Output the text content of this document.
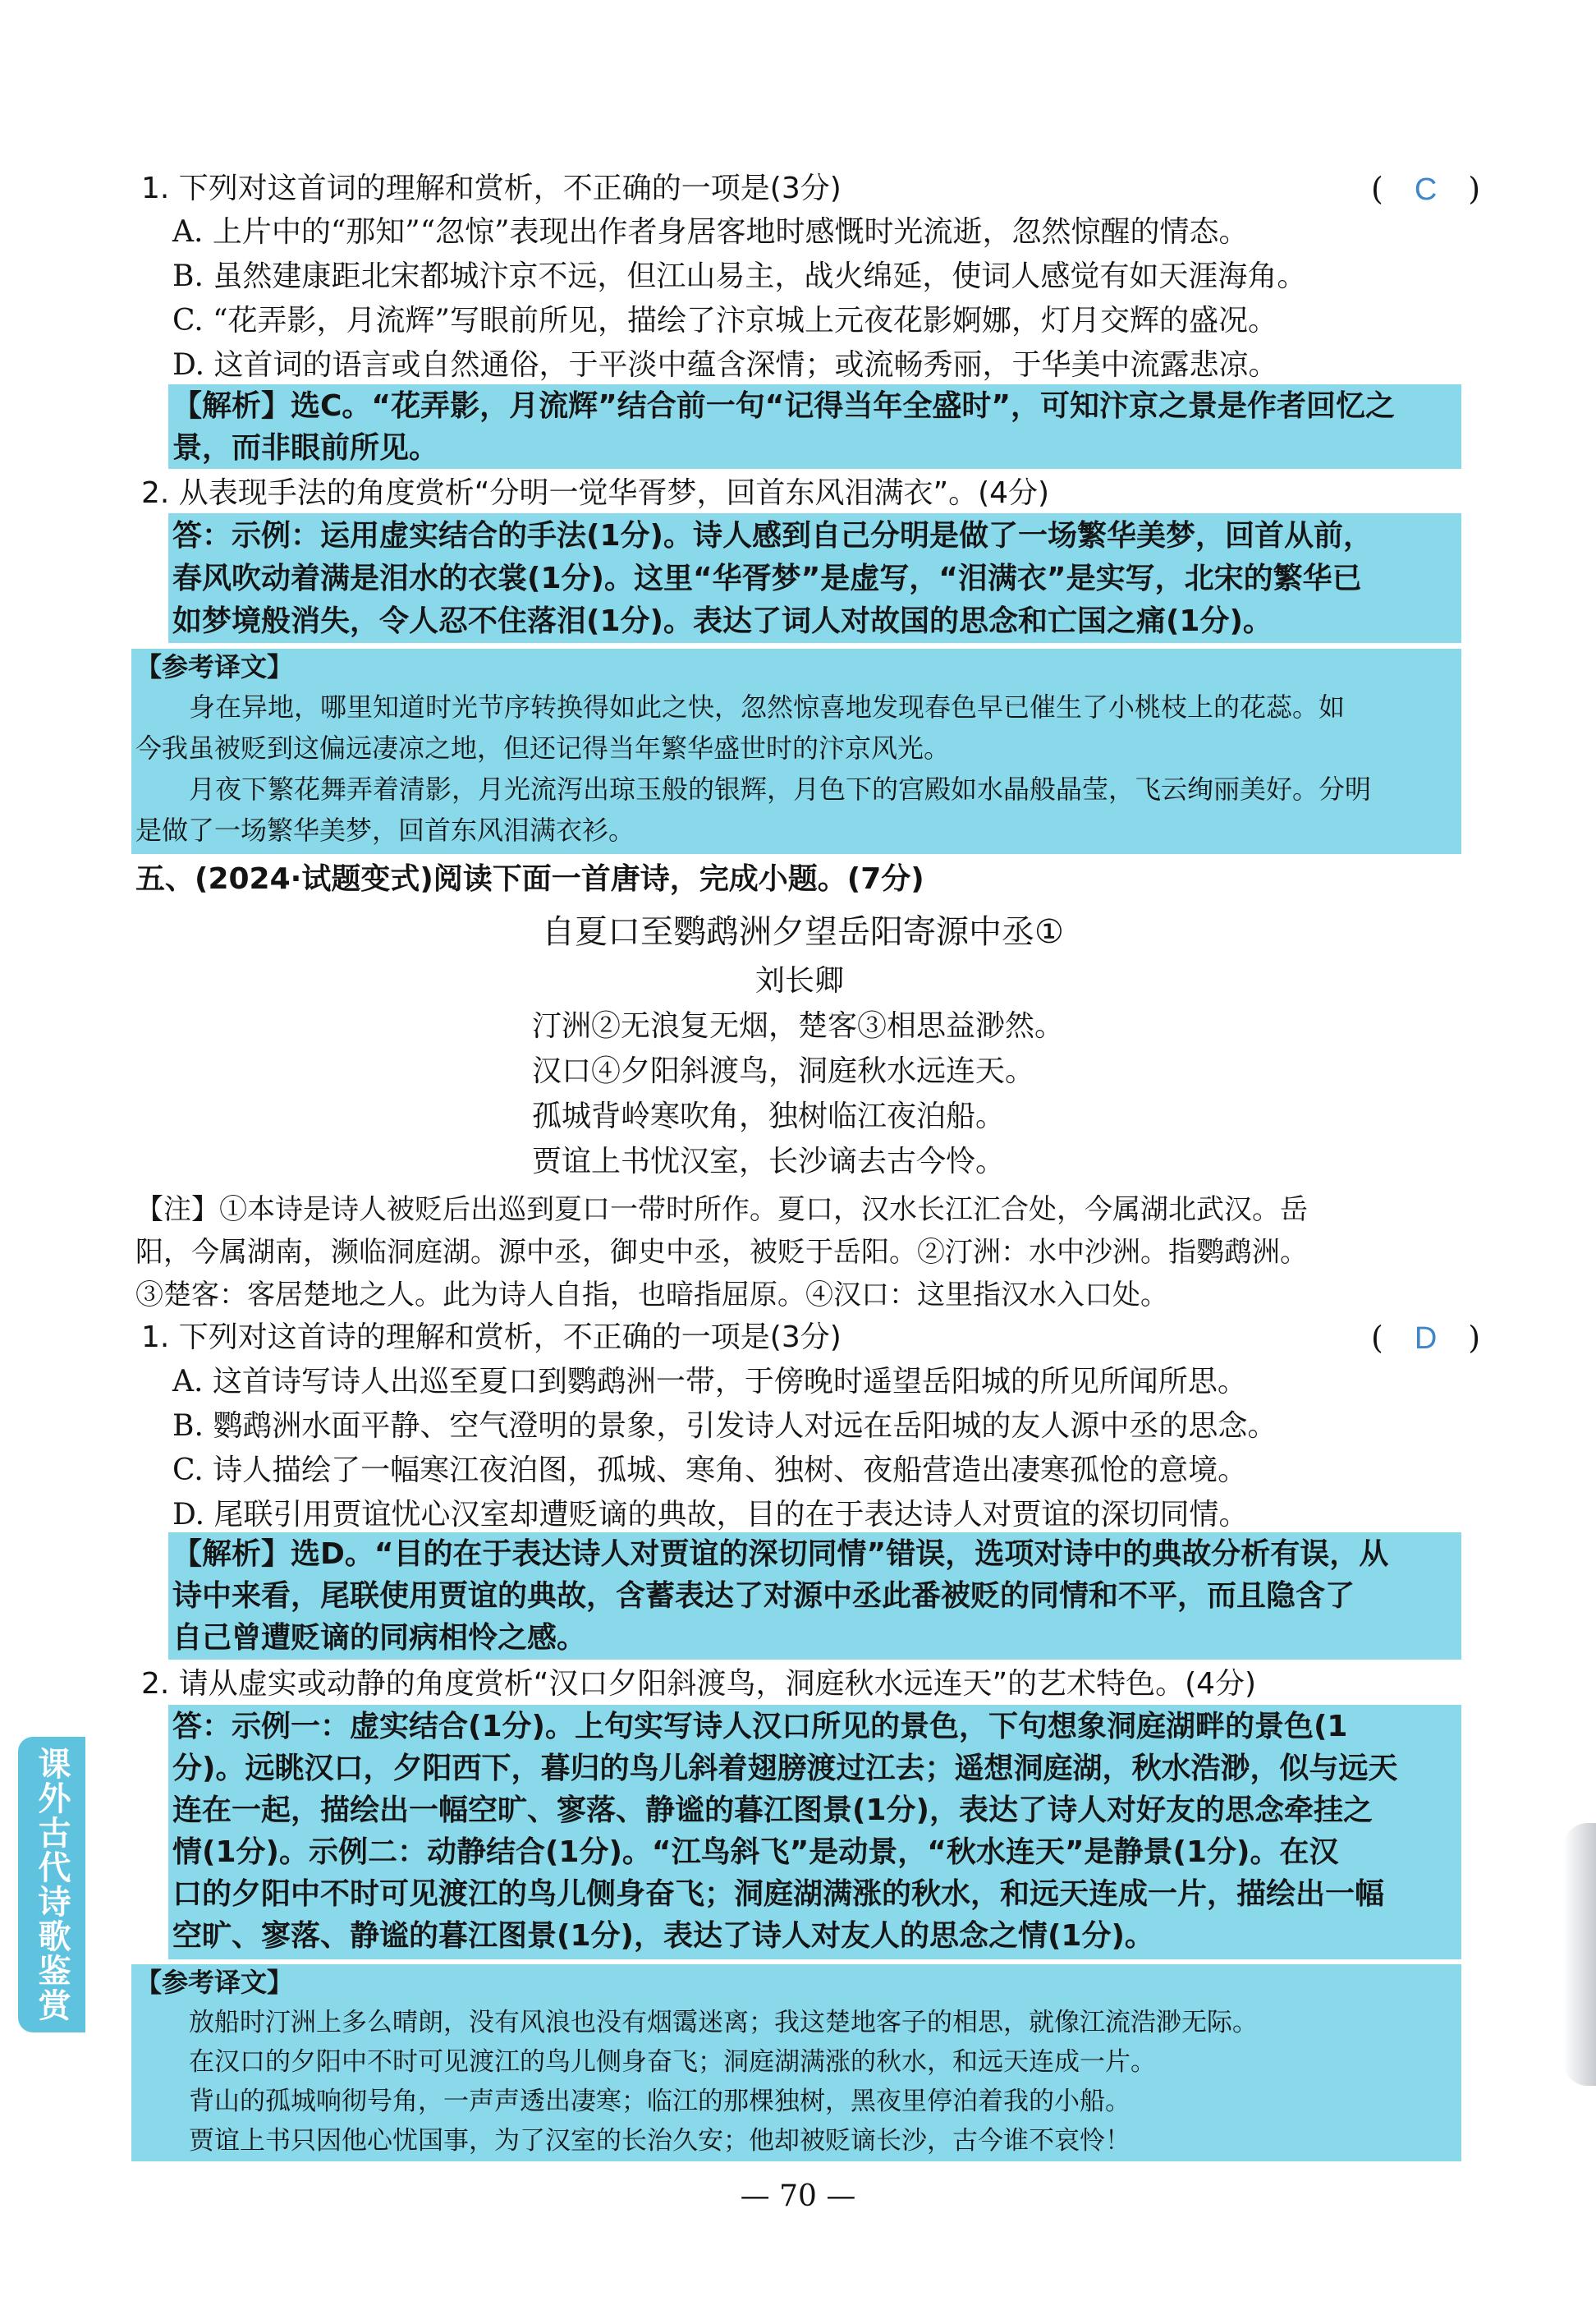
1. 下列对这首词的理解和赏析，不正确的一项是(3分)	(　C　)
A. 上片中的“那知”“忽惊”表现出作者身居客地时感慨时光流逝，忽然惊醒的情态。
B. 虽然建康距北宋都城汴京不远，但江山易主，战火绵延，使词人感觉有如天涯海角。
C. “花弄影，月流辉”写眼前所见，描绘了汴京城上元夜花影婀娜，灯月交辉的盛况。
D. 这首词的语言或自然通俗，于平淡中蕴含深情；或流畅秀丽，于华美中流露悲凉。
【解析】选C。“花弄影，月流辉”结合前一句“记得当年全盛时”，可知汴京之景是作者回忆之
景，而非眼前所见。
2. 从表现手法的角度赏析“分明一觉华胥梦，回首东风泪满衣”。(4分)
答：示例：运用虚实结合的手法(1分)。诗人感到自己分明是做了一场繁华美梦，回首从前，
春风吹动着满是泪水的衣裳(1分)。这里“华胥梦”是虚写，“泪满衣”是实写，北宋的繁华已
如梦境般消失，令人忍不住落泪(1分)。表达了词人对故国的思念和亡国之痛(1分)。
【参考译文】
身在异地，哪里知道时光节序转换得如此之快，忽然惊喜地发现春色早已催生了小桃枝上的花蕊。如
今我虽被贬到这偏远凄凉之地，但还记得当年繁华盛世时的汴京风光。
月夜下繁花舞弄着清影，月光流泻出琼玉般的银辉，月色下的宫殿如水晶般晶莹，飞云绚丽美好。分明
是做了一场繁华美梦，回首东风泪满衣衫。
五、(2024·试题变式)阅读下面一首唐诗，完成小题。(7分)
自夏口至鹦鹉洲夕望岳阳寄源中丞①
刘长卿
汀洲②无浪复无烟，楚客③相思益渺然。
汉口④夕阳斜渡鸟，洞庭秋水远连天。
孤城背岭寒吹角，独树临江夜泊船。
贾谊上书忧汉室，长沙谪去古今怜。
【注】①本诗是诗人被贬后出巡到夏口一带时所作。夏口，汉水长江汇合处，今属湖北武汉。岳
阳，今属湖南，濒临洞庭湖。源中丞，御史中丞，被贬于岳阳。②汀洲：水中沙洲。指鹦鹉洲。
③楚客：客居楚地之人。此为诗人自指，也暗指屈原。④汉口：这里指汉水入口处。
1. 下列对这首诗的理解和赏析，不正确的一项是(3分)	(　D　)
A. 这首诗写诗人出巡至夏口到鹦鹉洲一带，于傍晚时遥望岳阳城的所见所闻所思。
B. 鹦鹉洲水面平静、空气澄明的景象，引发诗人对远在岳阳城的友人源中丞的思念。
C. 诗人描绘了一幅寒江夜泊图，孤城、寒角、独树、夜船营造出凄寒孤怆的意境。
D. 尾联引用贾谊忧心汉室却遭贬谪的典故，目的在于表达诗人对贾谊的深切同情。
【解析】选D。“目的在于表达诗人对贾谊的深切同情”错误，选项对诗中的典故分析有误，从
诗中来看，尾联使用贾谊的典故，含蓄表达了对源中丞此番被贬的同情和不平，而且隐含了
自己曾遭贬谪的同病相怜之感。
2. 请从虚实或动静的角度赏析“汉口夕阳斜渡鸟，洞庭秋水远连天”的艺术特色。(4分)
答：示例一：虚实结合(1分)。上句实写诗人汉口所见的景色，下句想象洞庭湖畔的景色(1
分)。远眺汉口，夕阳西下，暮归的鸟儿斜着翅膀渡过江去；遥想洞庭湖，秋水浩渺，似与远天
连在一起，描绘出一幅空旷、寥落、静谧的暮江图景(1分)，表达了诗人对好友的思念牵挂之
情(1分)。示例二：动静结合(1分)。“江鸟斜飞”是动景，“秋水连天”是静景(1分)。在汉
口的夕阳中不时可见渡江的鸟儿侧身奋飞；洞庭湖满涨的秋水，和远天连成一片，描绘出一幅
空旷、寥落、静谧的暮江图景(1分)，表达了诗人对友人的思念之情(1分)。
【参考译文】
放船时汀洲上多么晴朗，没有风浪也没有烟霭迷离；我这楚地客子的相思，就像江流浩渺无际。
在汉口的夕阳中不时可见渡江的鸟儿侧身奋飞；洞庭湖满涨的秋水，和远天连成一片。
背山的孤城响彻号角，一声声透出凄寒；临江的那棵独树，黑夜里停泊着我的小船。
贾谊上书只因他心忧国事，为了汉室的长治久安；他却被贬谪长沙，古今谁不哀怜！
课外古代诗歌鉴赏
— 70 —
